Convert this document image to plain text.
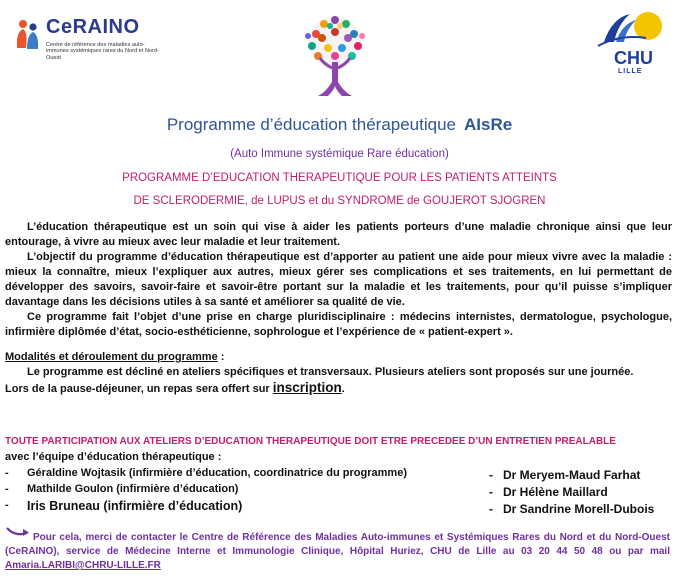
CeRAINO
Centre de référence des maladies auto-immunes systémiques rares du Nord et Nord-Ouest	CHU
LILLE
Programme d’éducation thérapeutique AIsRe
(Auto Immune systémique Rare éducation)
PROGRAMME D’EDUCATION THERAPEUTIQUE POUR LES PATIENTS ATTEINTS
DE SCLERODERMIE, de LUPUS et du SYNDROME de GOUJEROT SJOGREN

L’éducation thérapeutique est un soin qui vise à aider les patients porteurs d’une maladie chronique ainsi que leur entourage, à vivre au mieux avec leur maladie et leur traitement.

L’objectif du programme d’éducation thérapeutique est d’apporter au patient une aide pour mieux vivre avec la maladie : mieux la connaître, mieux l’expliquer aux autres, mieux gérer ses complications et ses traitements, en lui permettant de développer des savoirs, savoir-faire et savoir-être portant sur la maladie et les traitements, pour qu’il puisse s’impliquer davantage dans les décisions utiles à sa santé et améliorer sa qualité de vie.

Ce programme fait l’objet d’une prise en charge pluridisciplinaire : médecins internistes, dermatologue, psychologue, infirmière diplômée d’état, socio-esthéticienne, sophrologue et l’expérience de « patient-expert ».

Modalités et déroulement du programme :

Le programme est décliné en ateliers spécifiques et transversaux. Plusieurs ateliers sont proposés sur une journée.

Lors de la pause-déjeuner, un repas sera offert sur inscription.

TOUTE PARTICIPATION AUX ATELIERS D’EDUCATION THERAPEUTIQUE DOIT ETRE PRECEDEE D’UN ENTRETIEN PREALABLE
avec l’équipe d’éducation thérapeutique :
- Géraldine Wojtasik (infirmière d’éducation, coordinatrice du programme)
- Mathilde Goulon (infirmière d’éducation)
- Iris Bruneau (infirmière d’éducation)
- Dr Meryem-Maud Farhat
- Dr Hélène Maillard
- Dr Sandrine Morell-Dubois
Pour cela, merci de contacter le Centre de Référence des Maladies Auto-immunes et Systémiques Rares du Nord et du Nord-Ouest (CeRAINO), service de Médecine Interne et Immunologie Clinique, Hôpital Huriez, CHU de Lille au 03 20 44 50 48 ou par mail Amaria.LARIBI@CHRU-LILLE.FR
